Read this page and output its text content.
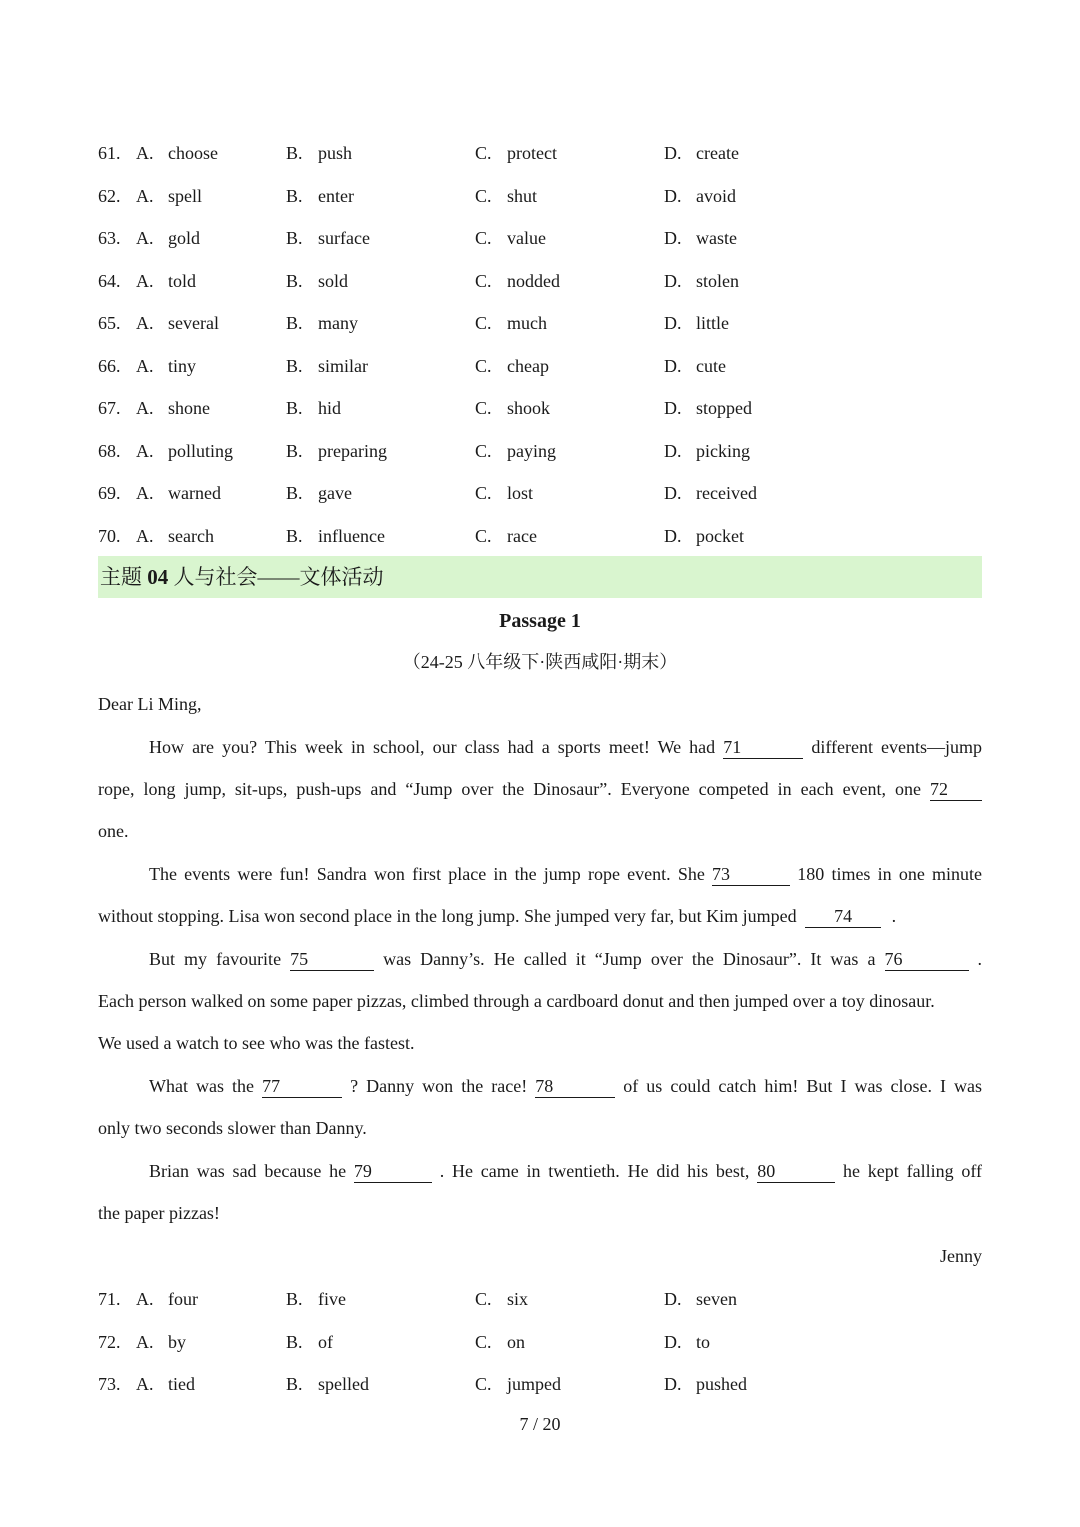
61. A. choose	B. push	C. protect	D. create
62. A. spell	B. enter	C. shut	D. avoid
63. A. gold	B. surface	C. value	D. waste
64. A. told	B. sold	C. nodded	D. stolen
65. A. several	B. many	C. much	D. little
66. A. tiny	B. similar	C. cheap	D. cute
67. A. shone	B. hid	C. shook	D. stopped
68. A. polluting	B. preparing	C. paying	D. picking
69. A. warned	B. gave	C. lost	D. received
70. A. search	B. influence	C. race	D. pocket
主题 04 人与社会——文体活动
Passage 1
（24-25 八年级下·陕西咸阳·期末）
Dear Li Ming,
How are you? This week in school, our class had a sports meet! We had 71	different events—jump
rope, long jump, sit-ups, push-ups and “Jump over the Dinosaur”. Everyone competed in each event, one 72
one.
The events were fun! Sandra won first place in the jump rope event. She 73	180 times in one minute
without stopping. Lisa won second place in the long jump. She jumped very far, but Kim jumped 74 .
But my favourite 75	was Danny’s. He called it “Jump over the Dinosaur”. It was a 76	.
Each person walked on some paper pizzas, climbed through a cardboard donut and then jumped over a toy dinosaur.
We used a watch to see who was the fastest.
What was the 77	? Danny won the race! 78	of us could catch him! But I was close. I was
only two seconds slower than Danny.
Brian was sad because he 79	. He came in twentieth. He did his best, 80	he kept falling off
the paper pizzas!
Jenny
71. A. four	B. five	C. six	D. seven
72. A. by	B. of	C. on	D. to
73. A. tied	B. spelled	C. jumped	D. pushed
7 / 20
